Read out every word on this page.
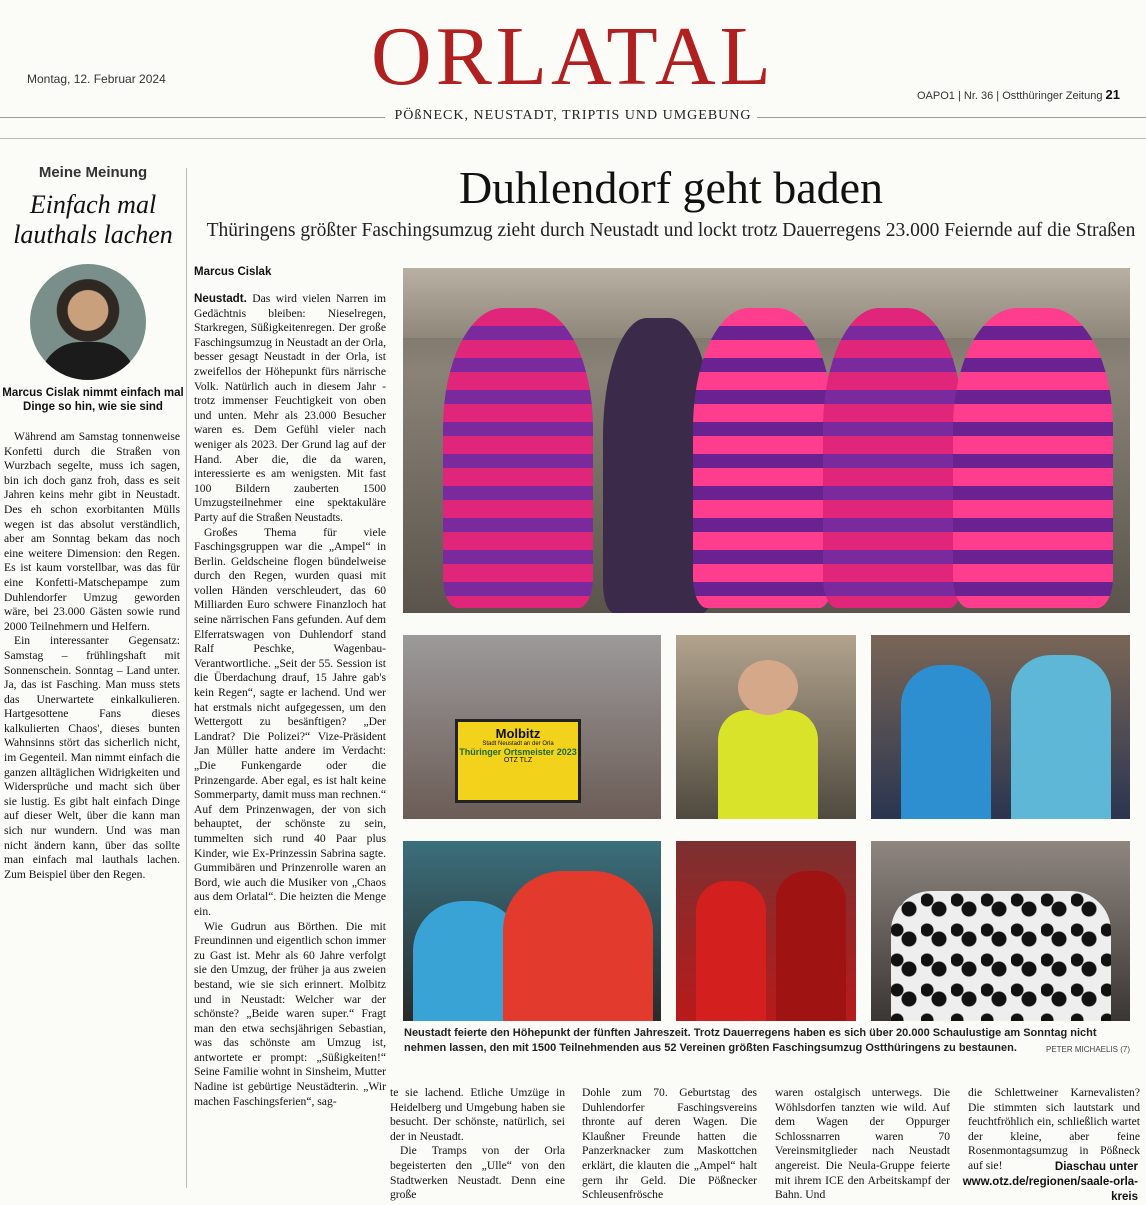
ORLATAL
Montag, 12. Februar 2024
OAPO1 | Nr. 36 | Ostthüringer Zeitung 21
PÖßNECK, NEUSTADT, TRIPTIS UND UMGEBUNG
Meine Meinung
Einfach mal lauthals lachen
Marcus Cislak nimmt einfach mal Dinge so hin, wie sie sind

Während am Samstag tonnenweise Konfetti durch die Straßen von Wurzbach segelte, muss ich sagen, bin ich doch ganz froh, dass es seit Jahren keins mehr gibt in Neustadt. Des eh schon exorbitanten Mülls wegen ist das absolut verständlich, aber am Sonntag bekam das noch eine weitere Dimension: den Regen. Es ist kaum vorstellbar, was das für eine Konfetti-Matschepampe zum Duhlendorfer Umzug geworden wäre, bei 23.000 Gästen sowie rund 2000 Teilnehmern und Helfern.

Ein interessanter Gegensatz: Samstag – frühlingshaft mit Sonnenschein. Sonntag – Land unter. Ja, das ist Fasching. Man muss stets das Unerwartete einkalkulieren. Hartgesottene Fans dieses kalkulierten Chaos', dieses bunten Wahnsinns stört das sicherlich nicht, im Gegenteil. Man nimmt einfach die ganzen alltäglichen Widrigkeiten und Widersprüche und macht sich über sie lustig. Es gibt halt einfach Dinge auf dieser Welt, über die kann man sich nur wundern. Und was man nicht ändern kann, über das sollte man einfach mal lauthals lachen. Zum Beispiel über den Regen.

Duhlendorf geht baden
Thüringens größter Faschingsumzug zieht durch Neustadt und lockt trotz Dauerregens 23.000 Feiernde auf die Straßen
Marcus Cislak

Neustadt. Das wird vielen Narren im Gedächtnis bleiben: Nieselregen, Starkregen, Süßigkeitenregen. Der große Faschingsumzug in Neustadt an der Orla, besser gesagt Neustadt in der Orla, ist zweifellos der Höhepunkt fürs närrische Volk. Natürlich auch in diesem Jahr - trotz immenser Feuchtigkeit von oben und unten. Mehr als 23.000 Besucher waren es. Dem Gefühl vieler nach weniger als 2023. Der Grund lag auf der Hand. Aber die, die da waren, interessierte es am wenigsten. Mit fast 100 Bildern zauberten 1500 Umzugsteilnehmer eine spektakuläre Party auf die Straßen Neustadts.

Großes Thema für viele Faschingsgruppen war die „Ampel“ in Berlin. Geldscheine flogen bündelweise durch den Regen, wurden quasi mit vollen Händen verschleudert, das 60 Milliarden Euro schwere Finanzloch hat seine närrischen Fans gefunden. Auf dem Elferratswagen von Duhlendorf stand Ralf Peschke, Wagenbau-Verantwortliche. „Seit der 55. Session ist die Überdachung drauf, 15 Jahre gab's kein Regen“, sagte er lachend. Und wer hat erstmals nicht aufgegessen, um den Wettergott zu besänftigen? „Der Landrat? Die Polizei?“ Vize-Präsident Jan Müller hatte andere im Verdacht: „Die Funkengarde oder die Prinzengarde. Aber egal, es ist halt keine Sommerparty, damit muss man rechnen.“ Auf dem Prinzenwagen, der von sich behauptet, der schönste zu sein, tummelten sich rund 40 Paar plus Kinder, wie Ex-Prinzessin Sabrina sagte. Gummibären und Prinzenrolle waren an Bord, wie auch die Musiker von „Chaos aus dem Orlatal“. Die heizten die Menge ein.

Wie Gudrun aus Börthen. Die mit Freundinnen und eigentlich schon immer zu Gast ist. Mehr als 60 Jahre verfolgt sie den Umzug, der früher ja aus zweien bestand, wie sie sich erinnert. Molbitz und in Neustadt: Welcher war der schönste? „Beide waren super.“ Fragt man den etwa sechsjährigen Sebastian, was das schönste am Umzug ist, antwortete er prompt: „Süßigkeiten!“ Seine Familie wohnt in Sinsheim, Mutter Nadine ist gebürtige Neustädterin. „Wir machen Faschingsferien“, sag-

Molbitz
Stadt Neustadt an der Orla
Thüringer Ortsmeister 2023
OTZ TLZ
Neustadt feierte den Höhepunkt der fünften Jahreszeit. Trotz Dauerregens haben es sich über 20.000 Schaulustige am Sonntag nicht nehmen lassen, den mit 1500 Teilnehmenden aus 52 Vereinen größten Faschingsumzug Ostthüringens zu bestaunen.	PETER MICHAELIS (7)

te sie lachend. Etliche Umzüge in Heidelberg und Umgebung haben sie besucht. Der schönste, natürlich, sei der in Neustadt.

Die Tramps von der Orla begeisterten den „Ulle“ von den Stadtwerken Neustadt. Denn eine große

Dohle zum 70. Geburtstag des Duhlendorfer Faschingsvereins thronte auf deren Wagen. Die Klaußner Freunde hatten die Panzerknacker zum Maskottchen erklärt, die klauten die „Ampel“ halt gern ihr Geld. Die Pößnecker Schleusenfrösche

waren ostalgisch unterwegs. Die Wöhlsdorfen tanzten wie wild. Auf dem Wagen der Oppurger Schlossnarren waren 70 Vereinsmitglieder nach Neustadt angereist. Die Neula-Gruppe feierte mit ihrem ICE den Arbeitskampf der Bahn. Und

die Schlettweiner Karnevalisten? Die stimmten sich lautstark und feuchtfröhlich ein, schließlich wartet der kleine, aber feine Rosenmontagsumzug in Pößneck auf sie!	Diaschau unter www.otz.de/regionen/saale-orla-kreis
